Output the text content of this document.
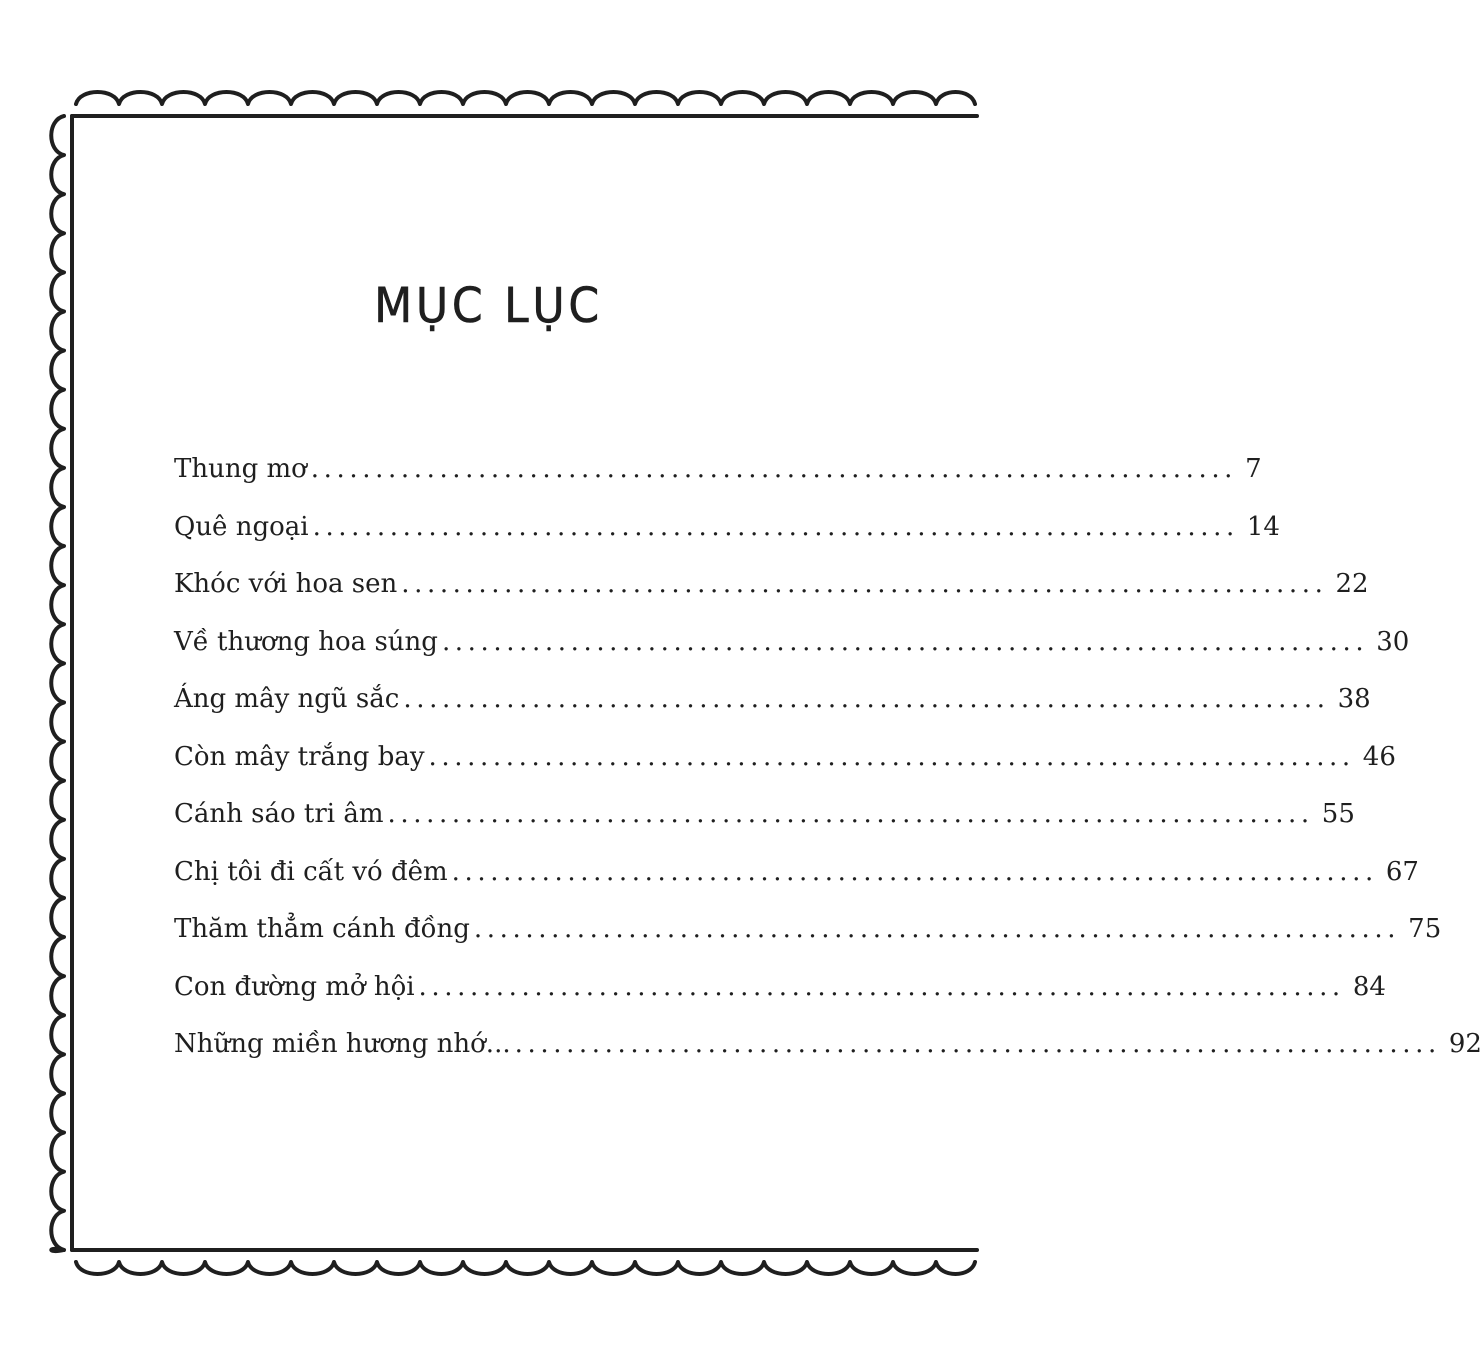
MỤC LỤC
Thung mơ ........................................................................ 7
Quê ngoại ........................................................................ 14
Khóc với hoa sen ........................................................................ 22
Về thương hoa súng ........................................................................ 30
Áng mây ngũ sắc ........................................................................ 38
Còn mây trắng bay ........................................................................ 46
Cánh sáo tri âm ........................................................................ 55
Chị tôi đi cất vó đêm ........................................................................ 67
Thăm thẳm cánh đồng ........................................................................ 75
Con đường mở hội ........................................................................ 84
Những miền hương nhớ... ........................................................................ 92
